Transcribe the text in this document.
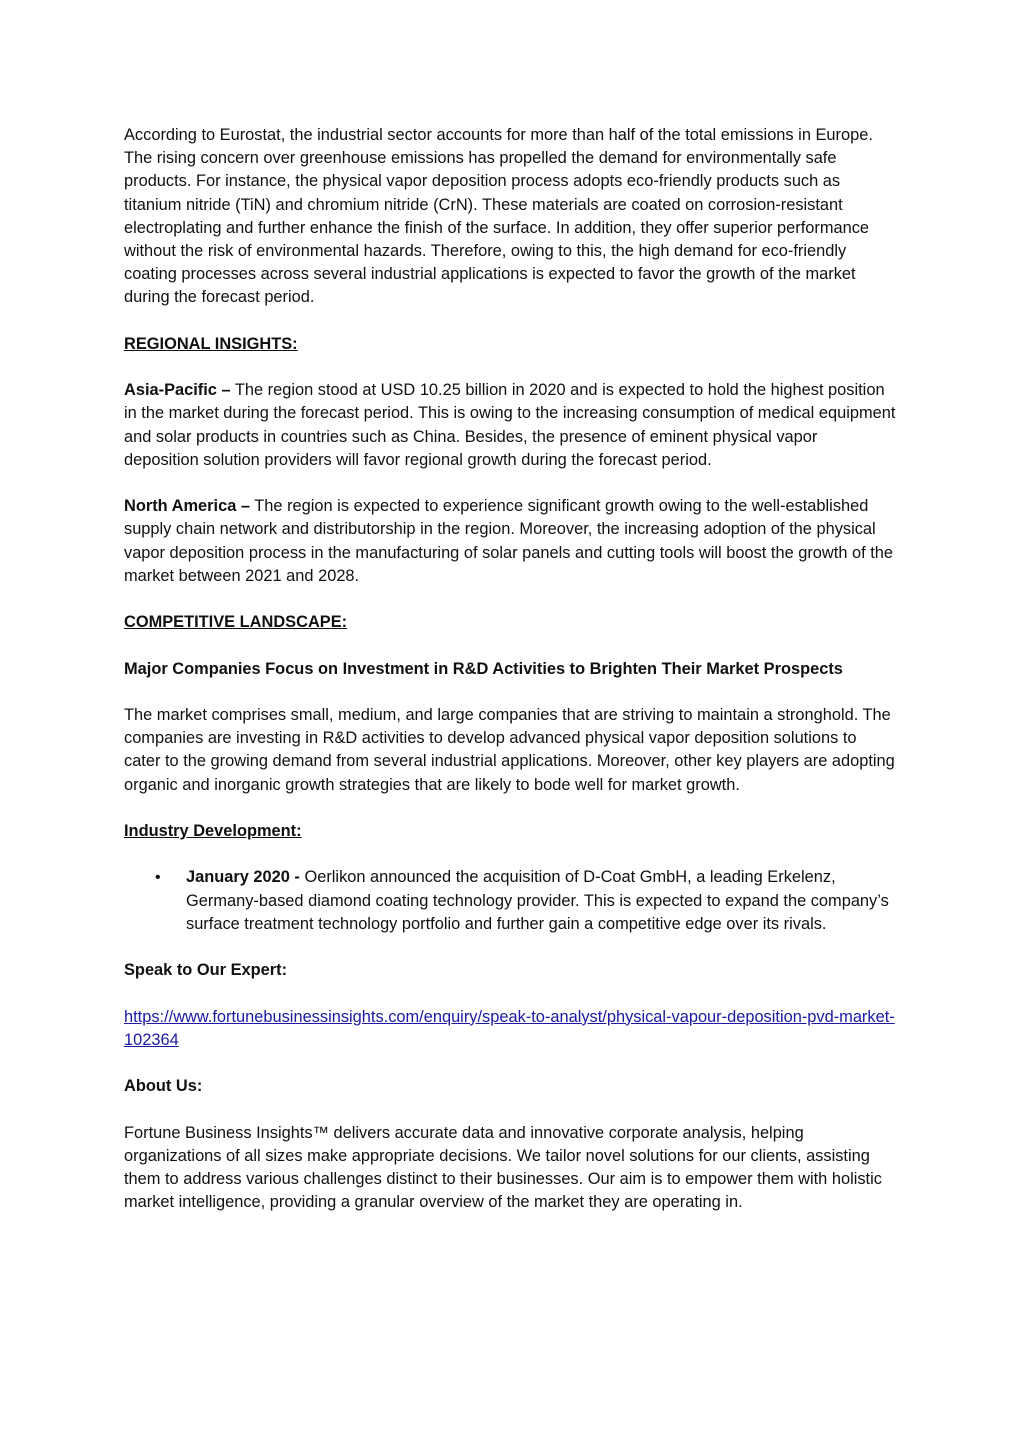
According to Eurostat, the industrial sector accounts for more than half of the total emissions in Europe. The rising concern over greenhouse emissions has propelled the demand for environmentally safe products. For instance, the physical vapor deposition process adopts eco-friendly products such as titanium nitride (TiN) and chromium nitride (CrN). These materials are coated on corrosion-resistant electroplating and further enhance the finish of the surface. In addition, they offer superior performance without the risk of environmental hazards. Therefore, owing to this, the high demand for eco-friendly coating processes across several industrial applications is expected to favor the growth of the market during the forecast period.

REGIONAL INSIGHTS:

Asia-Pacific – The region stood at USD 10.25 billion in 2020 and is expected to hold the highest position in the market during the forecast period. This is owing to the increasing consumption of medical equipment and solar products in countries such as China. Besides, the presence of eminent physical vapor deposition solution providers will favor regional growth during the forecast period.

North America – The region is expected to experience significant growth owing to the well-established supply chain network and distributorship in the region. Moreover, the increasing adoption of the physical vapor deposition process in the manufacturing of solar panels and cutting tools will boost the growth of the market between 2021 and 2028.

COMPETITIVE LANDSCAPE:

Major Companies Focus on Investment in R&D Activities to Brighten Their Market Prospects

The market comprises small, medium, and large companies that are striving to maintain a stronghold. The companies are investing in R&D activities to develop advanced physical vapor deposition solutions to cater to the growing demand from several industrial applications. Moreover, other key players are adopting organic and inorganic growth strategies that are likely to bode well for market growth.

Industry Development:

• January 2020 - Oerlikon announced the acquisition of D-Coat GmbH, a leading Erkelenz, Germany-based diamond coating technology provider. This is expected to expand the company’s surface treatment technology portfolio and further gain a competitive edge over its rivals.

Speak to Our Expert:

https://www.fortunebusinessinsights.com/enquiry/speak-to-analyst/physical-vapour-deposition-pvd-market-102364

About Us:

Fortune Business Insights™ delivers accurate data and innovative corporate analysis, helping organizations of all sizes make appropriate decisions. We tailor novel solutions for our clients, assisting them to address various challenges distinct to their businesses. Our aim is to empower them with holistic market intelligence, providing a granular overview of the market they are operating in.
